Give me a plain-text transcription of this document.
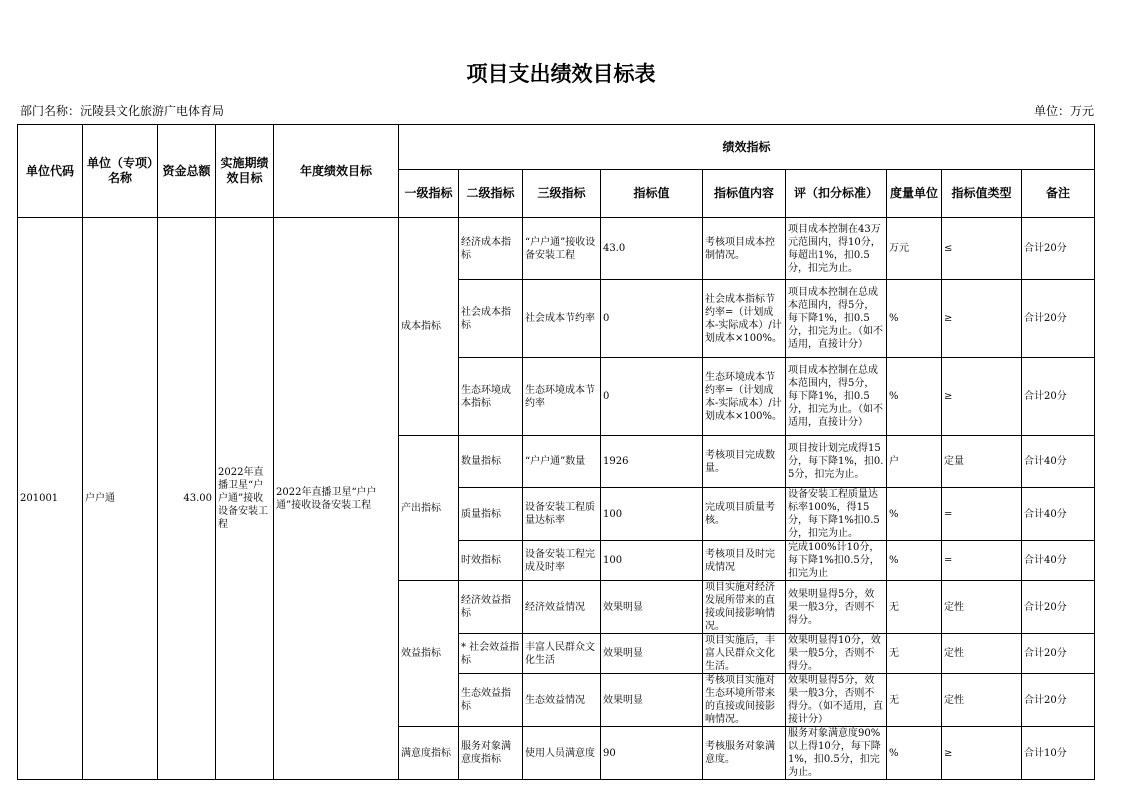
项目支出绩效目标表
部门名称：沅陵县文化旅游广电体育局	单位：万元
单位代码	单位（专项）名称	资金总额	实施期绩效目标	年度绩效目标	绩效指标								
					一级指标	二级指标	三级指标	指标值	指标值内容	评（扣分标准）	度量单位	指标值类型	备注
201001	户户通	43.00	2022年直播卫星“户户通”接收设备安装工程	2022年直播卫星“户户通”接收设备安装工程	成本指标	经济成本指标	“户户通”接收设备安装工程	43.0	考核项目成本控制情况。	项目成本控制在43万元范围内，得10分，每超出1%，扣0.5分，扣完为止。	万元	≤	合计20分
						社会成本指标	社会成本节约率	0	社会成本指标节约率=（计划成本-实际成本）/计划成本×100%。	项目成本控制在总成本范围内，得5分，每下降1%，扣0.5分，扣完为止。（如不适用，直接计分）	%	≥	合计20分
						生态环境成本指标	生态环境成本节约率	0	生态环境成本节约率=（计划成本-实际成本）/计划成本×100%。	项目成本控制在总成本范围内，得5分，每下降1%，扣0.5分，扣完为止。（如不适用，直接计分）	%	≥	合计20分
					产出指标	数量指标	“户户通”数量	1926	考核项目完成数量。	项目按计划完成得15分，每下降1%，扣0.5分，扣完为止。	户	定量	合计40分
						质量指标	设备安装工程质量达标率	100	完成项目质量考核。	设备安装工程质量达标率100%，得15分，每下降1%扣0.5分，扣完为止。	%	=	合计40分
						时效指标	设备安装工程完成及时率	100	考核项目及时完成情况	完成100%计10分，每下降1%扣0.5分，扣完为止	%	=	合计40分
					效益指标	经济效益指标	经济效益情况	效果明显	项目实施对经济发展所带来的直接或间接影响情况。	效果明显得5分，效果一般3分，否则不得分。	无	定性	合计20分
						* 社会效益指标	丰富人民群众文化生活	效果明显	项目实施后，丰富人民群众文化生活。	效果明显得10分，效果一般5分，否则不得分。	无	定性	合计20分
						生态效益指标	生态效益情况	效果明显	考核项目实施对生态环境所带来的直接或间接影响情况。	效果明显得5分，效果一般3分，否则不得分。（如不适用，直接计分）	无	定性	合计20分
					满意度指标	服务对象满意度指标	使用人员满意度	90	考核服务对象满意度。	服务对象满意度90%以上得10分，每下降1%，扣0.5分，扣完为止。	%	≥	合计10分
